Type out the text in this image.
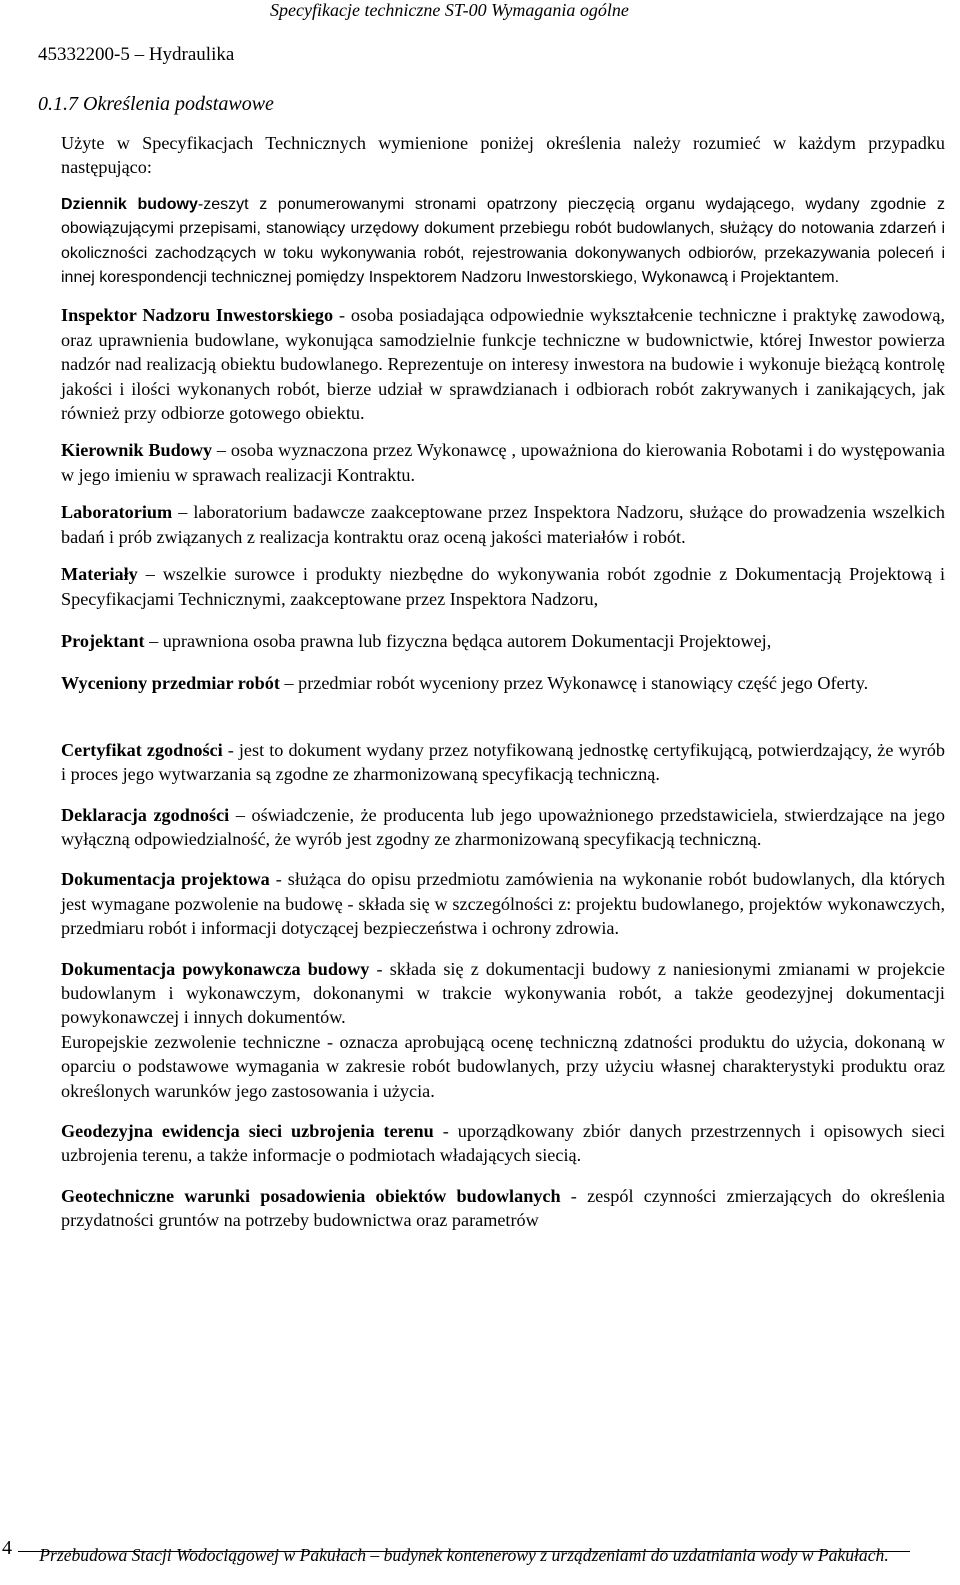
Specyfikacje techniczne ST-00 Wymagania ogólne
45332200-5 – Hydraulika
0.1.7 Określenia podstawowe

Użyte w Specyfikacjach Technicznych wymienione poniżej określenia należy rozumieć w każdym przypadku następująco:

Dziennik budowy-zeszyt z ponumerowanymi stronami opatrzony pieczęcią organu wydającego, wydany zgodnie z obowiązującymi przepisami, stanowiący urzędowy dokument przebiegu robót budowlanych, służący do notowania zdarzeń i okoliczności zachodzących w toku wykonywania robót, rejestrowania dokonywanych odbiorów, przekazywania poleceń i innej korespondencji technicznej pomiędzy Inspektorem Nadzoru Inwestorskiego, Wykonawcą i Projektantem.

Inspektor Nadzoru Inwestorskiego - osoba posiadająca odpowiednie wykształcenie techniczne i praktykę zawodową, oraz uprawnienia budowlane, wykonująca samodzielnie funkcje techniczne w budownictwie, której Inwestor powierza nadzór nad realizacją obiektu budowlanego. Reprezentuje on interesy inwestora na budowie i wykonuje bieżącą kontrolę jakości i ilości wykonanych robót, bierze udział w sprawdzianach i odbiorach robót zakrywanych i zanikających, jak również przy odbiorze gotowego obiektu.

Kierownik Budowy – osoba wyznaczona przez Wykonawcę , upoważniona do kierowania Robotami i do występowania w jego imieniu w sprawach realizacji Kontraktu.

Laboratorium – laboratorium badawcze zaakceptowane przez Inspektora Nadzoru, służące do prowadzenia wszelkich badań i prób związanych z realizacja kontraktu oraz oceną jakości materiałów i robót.

Materiały – wszelkie surowce i produkty niezbędne do wykonywania robót zgodnie z Dokumentacją Projektową i Specyfikacjami Technicznymi, zaakceptowane przez Inspektora Nadzoru,

Projektant – uprawniona osoba prawna lub fizyczna będąca autorem Dokumentacji Projektowej,

Wyceniony przedmiar robót – przedmiar robót wyceniony przez Wykonawcę i stanowiący część jego Oferty.

Certyfikat zgodności - jest to dokument wydany przez notyfikowaną jednostkę certyfikującą, potwierdzający, że wyrób i proces jego wytwarzania są zgodne ze zharmonizowaną specyfikacją techniczną.

Deklaracja zgodności – oświadczenie, że producenta lub jego upoważnionego przedstawiciela, stwierdzające na jego wyłączną odpowiedzialność, że wyrób jest zgodny ze zharmonizowaną specyfikacją techniczną.

Dokumentacja projektowa - służąca do opisu przedmiotu zamówienia na wykonanie robót budowlanych, dla których jest wymagane pozwolenie na budowę - składa się w szczególności z: projektu budowlanego, projektów wykonawczych, przedmiaru robót i informacji dotyczącej bezpieczeństwa i ochrony zdrowia.

Dokumentacja powykonawcza budowy - składa się z dokumentacji budowy z naniesionymi zmianami w projekcie budowlanym i wykonawczym, dokonanymi w trakcie wykonywania robót, a także geodezyjnej dokumentacji powykonawczej i innych dokumentów.

Europejskie zezwolenie techniczne - oznacza aprobującą ocenę techniczną zdatności produktu do użycia, dokonaną w oparciu o podstawowe wymagania w zakresie robót budowlanych, przy użyciu własnej charakterystyki produktu oraz określonych warunków jego zastosowania i użycia.

Geodezyjna ewidencja sieci uzbrojenia terenu - uporządkowany zbiór danych przestrzennych i opisowych sieci uzbrojenia terenu, a także informacje o podmiotach władających siecią.

Geotechniczne warunki posadowienia obiektów budowlanych - zespól czynności zmierzających do określenia przydatności gruntów na potrzeby budownictwa oraz parametrów

4	Przebudowa Stacji Wodociągowej w Pakułach – budynek kontenerowy z urządzeniami do uzdatniania wody w Pakułach.
